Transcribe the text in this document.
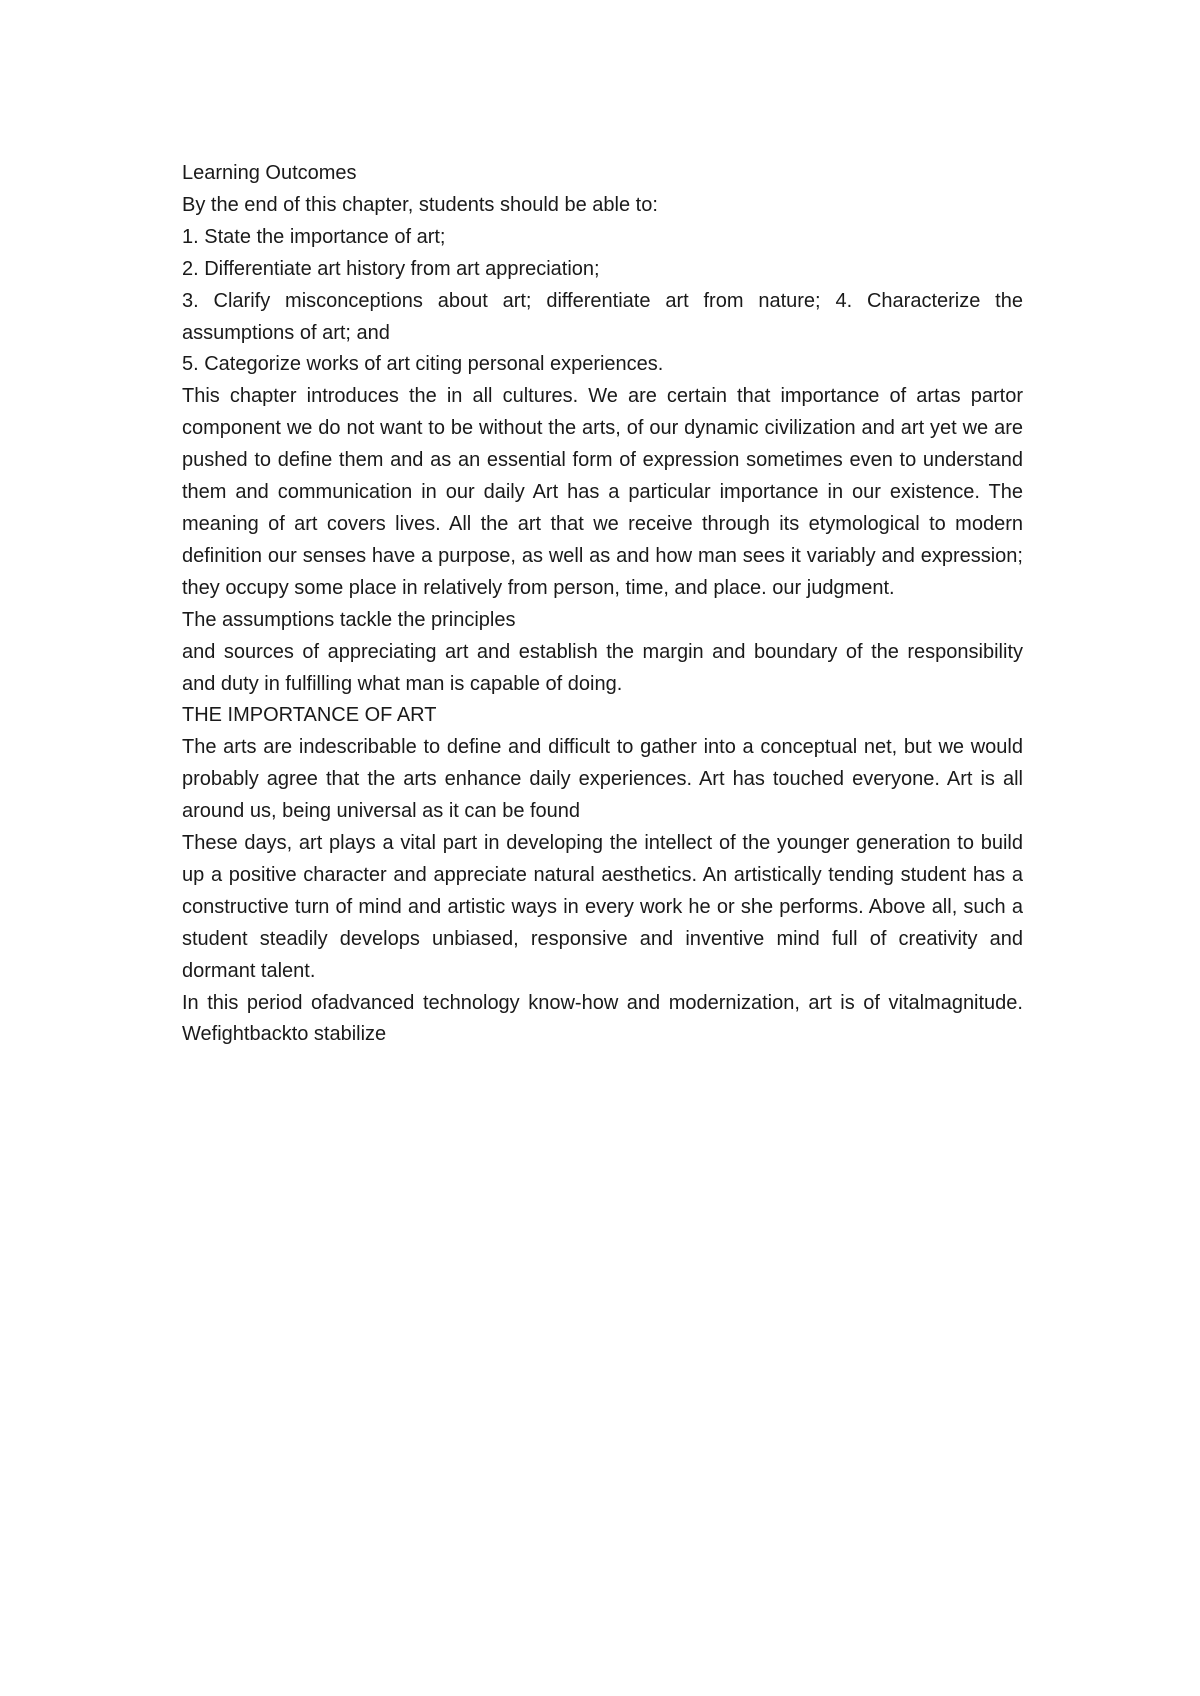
Learning Outcomes
By the end of this chapter, students should be able to:
1. State the importance of art;
2. Differentiate art history from art appreciation;
3. Clarify misconceptions about art; differentiate art from nature; 4. Characterize the assumptions of art; and
5. Categorize works of art citing personal experiences.
This chapter introduces the in all cultures. We are certain that importance of artas partor component we do not want to be without the arts, of our dynamic civilization and art yet we are pushed to define them and as an essential form of expression sometimes even to understand them and communication in our daily Art has a particular importance in our existence. The meaning of art covers lives. All the art that we receive through its etymological to modern definition our senses have a purpose, as well as and how man sees it variably and expression; they occupy some place in relatively from person, time, and place. our judgment.
The assumptions tackle the principles
and sources of appreciating art and establish the margin and boundary of the responsibility and duty in fulfilling what man is capable of doing.
THE IMPORTANCE OF ART
The arts are indescribable to define and difficult to gather into a conceptual net, but we would probably agree that the arts enhance daily experiences. Art has touched everyone. Art is all around us, being universal as it can be found
These days, art plays a vital part in developing the intellect of the younger generation to build up a positive character and appreciate natural aesthetics. An artistically tending student has a constructive turn of mind and artistic ways in every work he or she performs. Above all, such a student steadily develops unbiased, responsive and inventive mind full of creativity and dormant talent.
In this period ofadvanced technology know-how and modernization, art is of vitalmagnitude. Wefightbackto stabilize
